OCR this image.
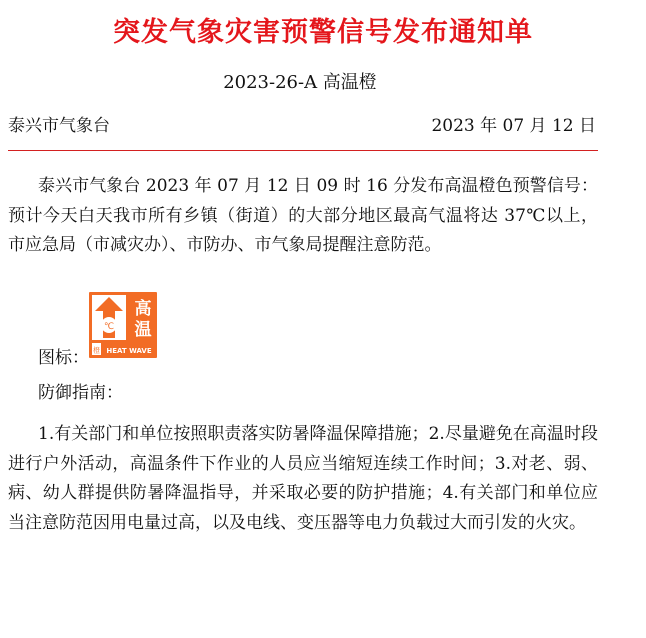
突发气象灾害预警信号发布通知单
2023-26-A 高温橙
泰兴市气象台	2023 年 07 月 12 日

泰兴市气象台 2023 年 07 月 12 日 09 时 16 分发布高温橙色预警信号：预计今天白天我市所有乡镇（街道）的大部分地区最高气温将达 37℃以上，市应急局（市减灾办）、市防办、市气象局提醒注意防范。

图标：
℃
高
温
橙 HEAT WAVE
防御指南：

1.有关部门和单位按照职责落实防暑降温保障措施；2.尽量避免在高温时段进行户外活动，高温条件下作业的人员应当缩短连续工作时间；3.对老、弱、病、幼人群提供防暑降温指导，并采取必要的防护措施；4.有关部门和单位应当注意防范因用电量过高，以及电线、变压器等电力负载过大而引发的火灾。
